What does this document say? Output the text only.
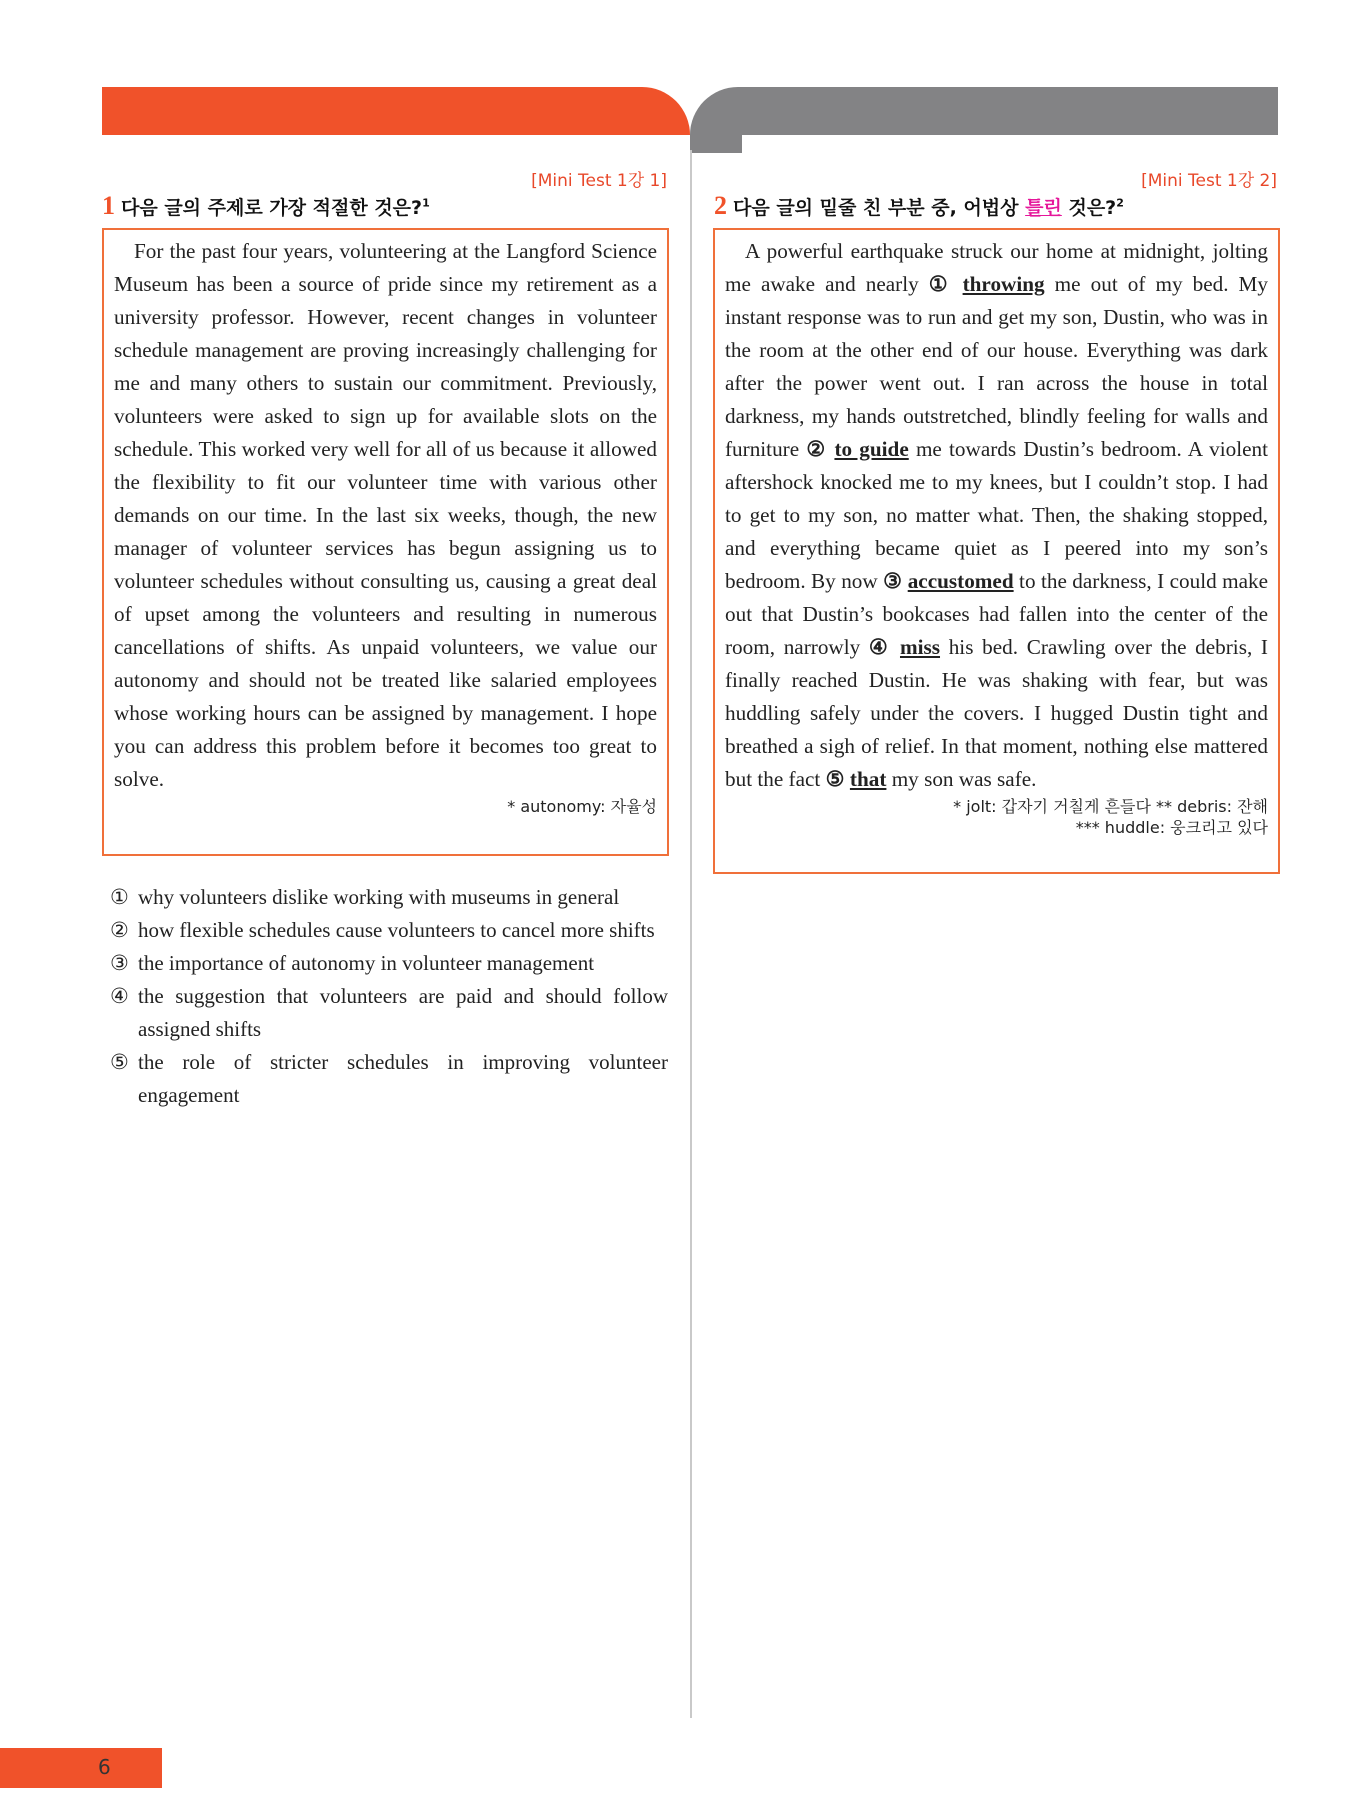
[Mini Test 1강 1]
1 다음 글의 주제로 가장 적절한 것은?$^1$

For the past four years, volunteering at the Langford Science Museum has been a source of pride since my retirement as a university professor. However, recent changes in volunteer schedule management are proving increasingly challenging for me and many others to sustain our commitment. Previously, volunteers were asked to sign up for available slots on the schedule. This worked very well for all of us because it allowed the flexibility to fit our volunteer time with various other demands on our time. In the last six weeks, though, the new manager of volunteer services has begun assigning us to volunteer schedules without consulting us, causing a great deal of upset among the volunteers and resulting in numerous cancellations of shifts. As unpaid volunteers, we value our autonomy and should not be treated like salaried employees whose working hours can be assigned by management. I hope you can address this problem before it becomes too great to solve.

* autonomy: 자율성
① why volunteers dislike working with museums in general
② how flexible schedules cause volunteers to cancel more shifts
③ the importance of autonomy in volunteer management
④ the suggestion that volunteers are paid and should follow assigned shifts
⑤ the role of stricter schedules in improving volunteer engagement
[Mini Test 1강 2]
2 다음 글의 밑줄 친 부분 중, 어법상 틀린 것은?$^2$

A powerful earthquake struck our home at midnight, jolting me awake and nearly ① throwing me out of my bed. My instant response was to run and get my son, Dustin, who was in the room at the other end of our house. Everything was dark after the power went out. I ran across the house in total darkness, my hands outstretched, blindly feeling for walls and furniture ② to guide me towards Dustin’s bedroom. A violent aftershock knocked me to my knees, but I couldn’t stop. I had to get to my son, no matter what. Then, the shaking stopped, and everything became quiet as I peered into my son’s bedroom. By now ③ accustomed to the darkness, I could make out that Dustin’s bookcases had fallen into the center of the room, narrowly ④ miss his bed. Crawling over the debris, I finally reached Dustin. He was shaking with fear, but was huddling safely under the covers. I hugged Dustin tight and breathed a sigh of relief. In that moment, nothing else mattered but the fact ⑤ that my son was safe.

* jolt: 갑자기 거칠게 흔들다 ** debris: 잔해
*** huddle: 웅크리고 있다
6
